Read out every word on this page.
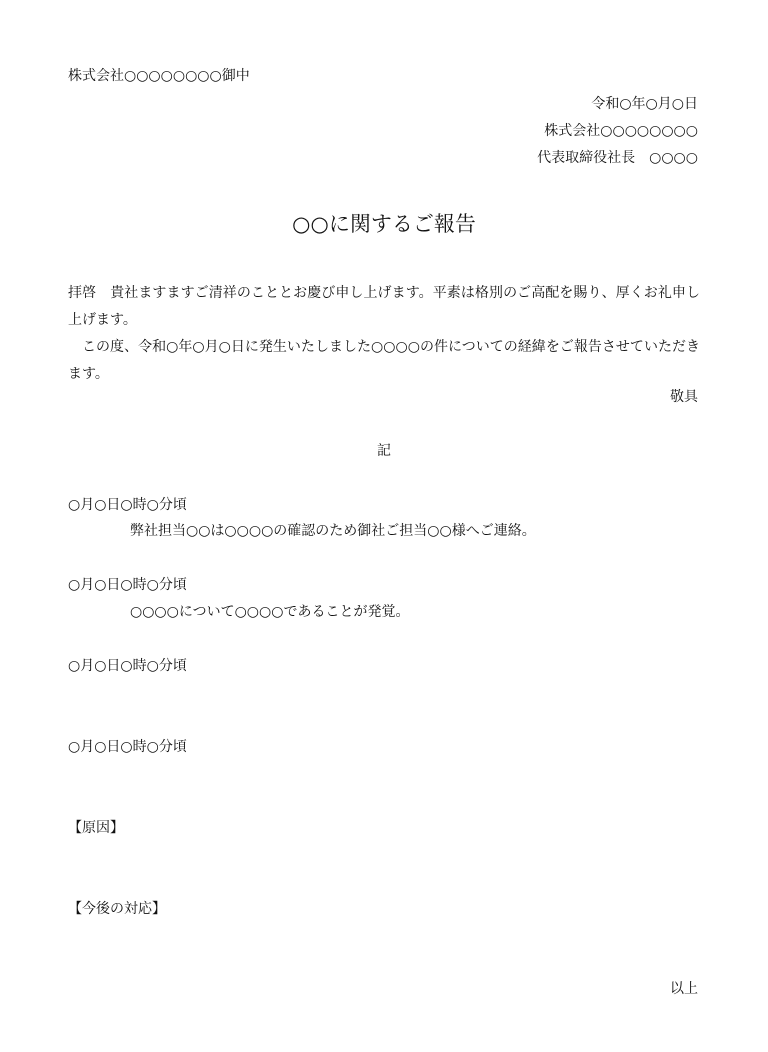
株式会社○○○○○○○○御中
令和○年○月○日
株式会社○○○○○○○○
代表取締役社長　○○○○
○○に関するご報告
拝啓　貴社ますますご清祥のこととお慶び申し上げます。平素は格別のご高配を賜り、厚くお礼申し上げます。
　この度、令和○年○月○日に発生いたしました○○○○の件についての経緯をご報告させていただきます。
敬具
記
○月○日○時○分頃
弊社担当○○は○○○○の確認のため御社ご担当○○様へご連絡。
○月○日○時○分頃
○○○○について○○○○であることが発覚。
○月○日○時○分頃
○月○日○時○分頃
【原因】
【今後の対応】
以上
